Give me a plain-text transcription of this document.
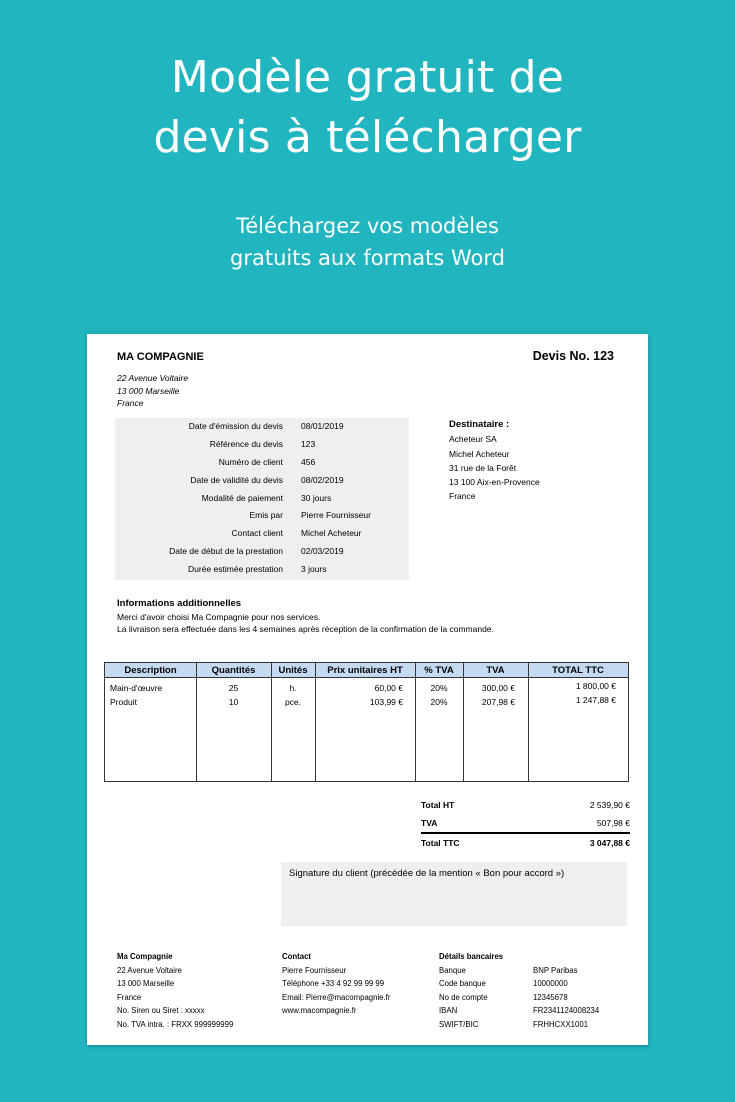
Modèle gratuit de
devis à télécharger
Téléchargez vos modèles
gratuits aux formats Word
MA COMPAGNIE	Devis No. 123
22 Avenue Voltaire
13 000 Marseille
France
Date d'émission du devis 08/01/2019
Référence du devis 123
Numéro de client 456
Date de validité du devis 08/02/2019
Modalité de paiement 30 jours
Emis par Pierre Fournisseur
Contact client Michel Acheteur
Date de début de la prestation 02/03/2019
Durée estimée prestation 3 jours
Destinataire :
Acheteur SA
Michel Acheteur
31 rue de la Forêt
13 100 Aix-en-Provence
France
Informations additionnelles
Merci d'avoir choisi Ma Compagnie pour nos services.
La livraison sera effectuée dans les 4 semaines après réception de la confirmation de la commande.
Description	Quantités	Unités	Prix unitaires HT	% TVA	TVA	TOTAL TTC
Main-d'œuvre	25	h.	60,00 €	20%	300,00 €	1 800,00 €
Produit	10	pce.	103,99 €	20%	207,98 €	1 247,88 €
Total HT	2 539,90 €
TVA	507,98 €
Total TTC	3 047,88 €
Signature du client (précédée de la mention « Bon pour accord »)
Ma Compagnie
22 Avenue Voltaire
13 000 Marseille
France
No. Siren ou Siret : xxxxx
No. TVA intra. : FRXX 999999999
Contact
Pierre Fournisseur
Téléphone +33 4 92 99 99 99
Email: Pierre@macompagnie.fr
www.macompagnie.fr
Détails bancaires
Banque	BNP Paribas
Code banque	10000000
No de compte	12345678
IBAN	FR2341124008234
SWIFT/BIC	FRHHCXX1001
